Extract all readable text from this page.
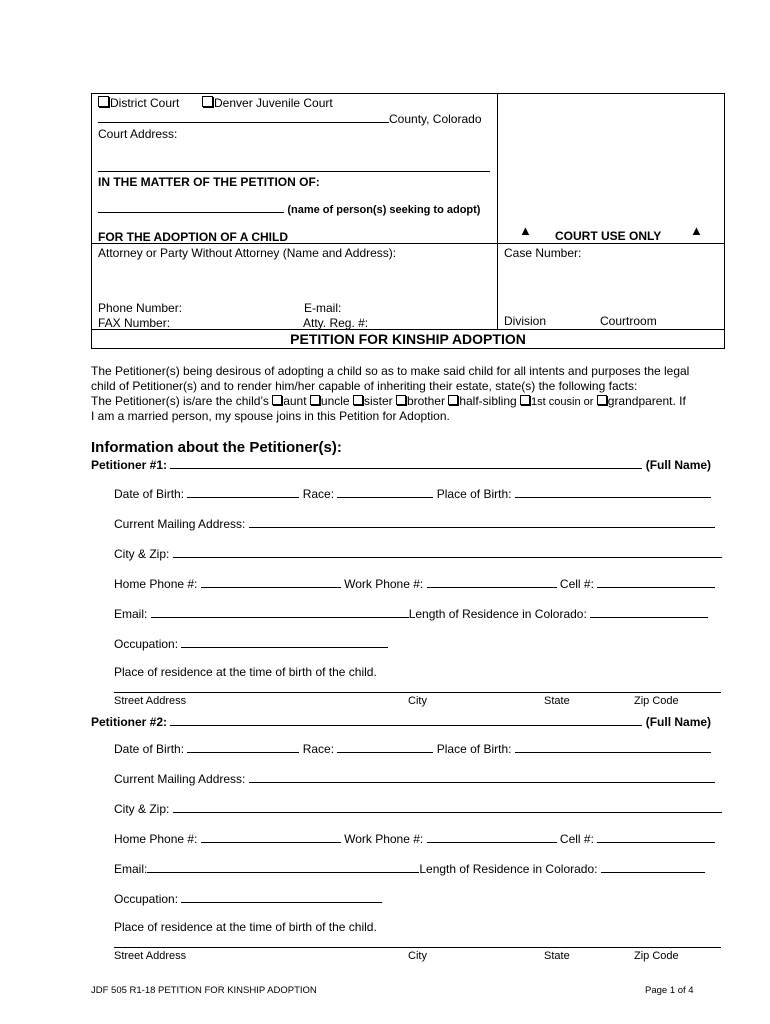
District Court	Denver Juvenile Court
County, Colorado
Court Address:
IN THE MATTER OF THE PETITION OF:
(name of person(s) seeking to adopt)
FOR THE ADOPTION OF A CHILD	▲ COURT USE ONLY ▲
Attorney or Party Without Attorney (Name and Address):	Case Number:
Phone Number:	E-mail:
FAX Number:	Atty. Reg. #:	Division	Courtroom
PETITION FOR KINSHIP ADOPTION
The Petitioner(s) being desirous of adopting a child so as to make said child for all intents and purposes the legal
child of Petitioner(s) and to render him/her capable of inheriting their estate, state(s) the following facts:
The Petitioner(s) is/are the child’s aunt uncle sister brother half-sibling 1st cousin or grandparent. If
I am a married person, my spouse joins in this Petition for Adoption.
Information about the Petitioner(s):
Petitioner #1:	(Full Name)
Date of Birth:	Race:	Place of Birth:
Current Mailing Address:
City & Zip:
Home Phone #:	Work Phone #:	Cell #:
Email:	Length of Residence in Colorado:
Occupation:
Place of residence at the time of birth of the child.
Street Address	City	State	Zip Code
Petitioner #2:	(Full Name)
Date of Birth:	Race:	Place of Birth:
Current Mailing Address:
City & Zip:
Home Phone #:	Work Phone #:	Cell #:
Email:	Length of Residence in Colorado:
Occupation:
Place of residence at the time of birth of the child.
Street Address	City	State	Zip Code
JDF 505 R1-18 PETITION FOR KINSHIP ADOPTION	Page 1 of 4
